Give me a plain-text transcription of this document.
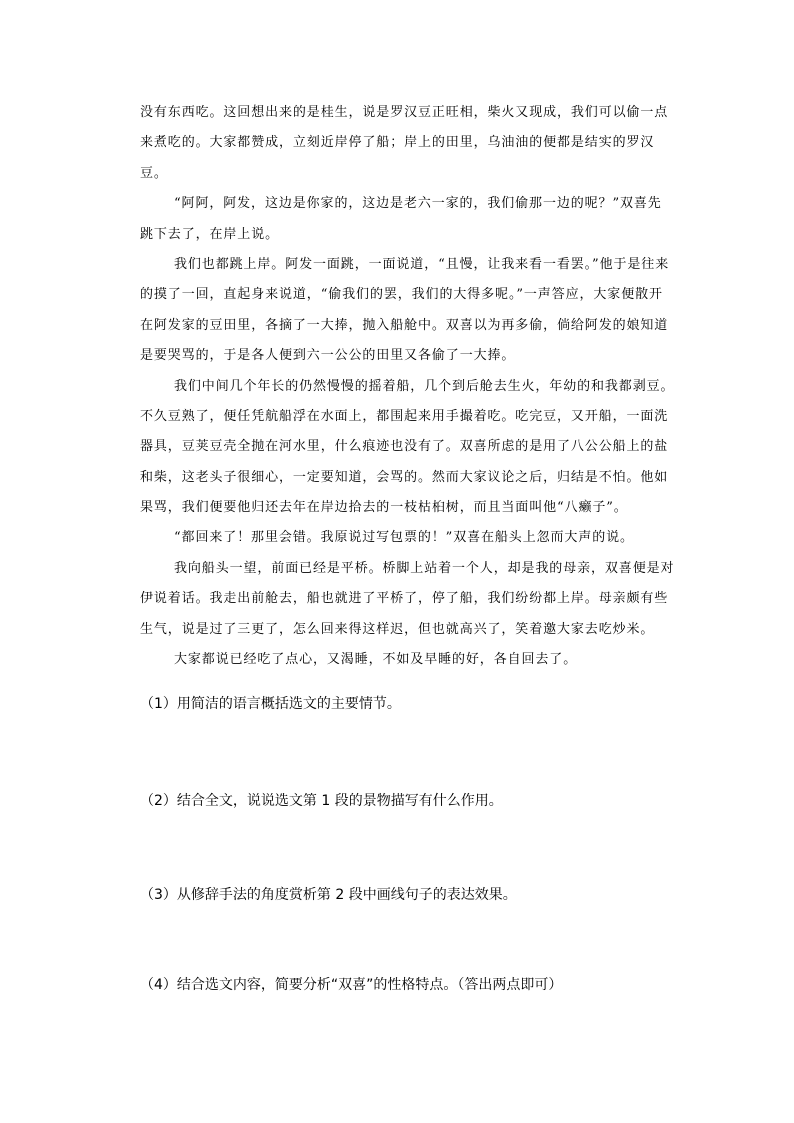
没有东西吃。这回想出来的是桂生，说是罗汉豆正旺相，柴火又现成，我们可以偷一点
来煮吃的。大家都赞成，立刻近岸停了船；岸上的田里，乌油油的便都是结实的罗汉
豆。
“阿阿，阿发，这边是你家的，这边是老六一家的，我们偷那一边的呢？”双喜先
跳下去了，在岸上说。
我们也都跳上岸。阿发一面跳，一面说道，“且慢，让我来看一看罢。”他于是往来
的摸了一回，直起身来说道，“偷我们的罢，我们的大得多呢。”一声答应，大家便散开
在阿发家的豆田里，各摘了一大捧，抛入船舱中。双喜以为再多偷，倘给阿发的娘知道
是要哭骂的，于是各人便到六一公公的田里又各偷了一大捧。
我们中间几个年长的仍然慢慢的摇着船，几个到后舱去生火，年幼的和我都剥豆。
不久豆熟了，便任凭航船浮在水面上，都围起来用手撮着吃。吃完豆，又开船，一面洗
器具，豆荚豆壳全抛在河水里，什么痕迹也没有了。双喜所虑的是用了八公公船上的盐
和柴，这老头子很细心，一定要知道，会骂的。然而大家议论之后，归结是不怕。他如
果骂，我们便要他归还去年在岸边拾去的一枝枯桕树，而且当面叫他“八癞子”。
“都回来了！那里会错。我原说过写包票的！”双喜在船头上忽而大声的说。
我向船头一望，前面已经是平桥。桥脚上站着一个人，却是我的母亲，双喜便是对
伊说着话。我走出前舱去，船也就进了平桥了，停了船，我们纷纷都上岸。母亲颇有些
生气，说是过了三更了，怎么回来得这样迟，但也就高兴了，笑着邀大家去吃炒米。
大家都说已经吃了点心，又渴睡，不如及早睡的好，各自回去了。
（1）用简洁的语言概括选文的主要情节。
（2）结合全文，说说选文第 1 段的景物描写有什么作用。
（3）从修辞手法的角度赏析第 2 段中画线句子的表达效果。
（4）结合选文内容，简要分析“双喜”的性格特点。（答出两点即可）
